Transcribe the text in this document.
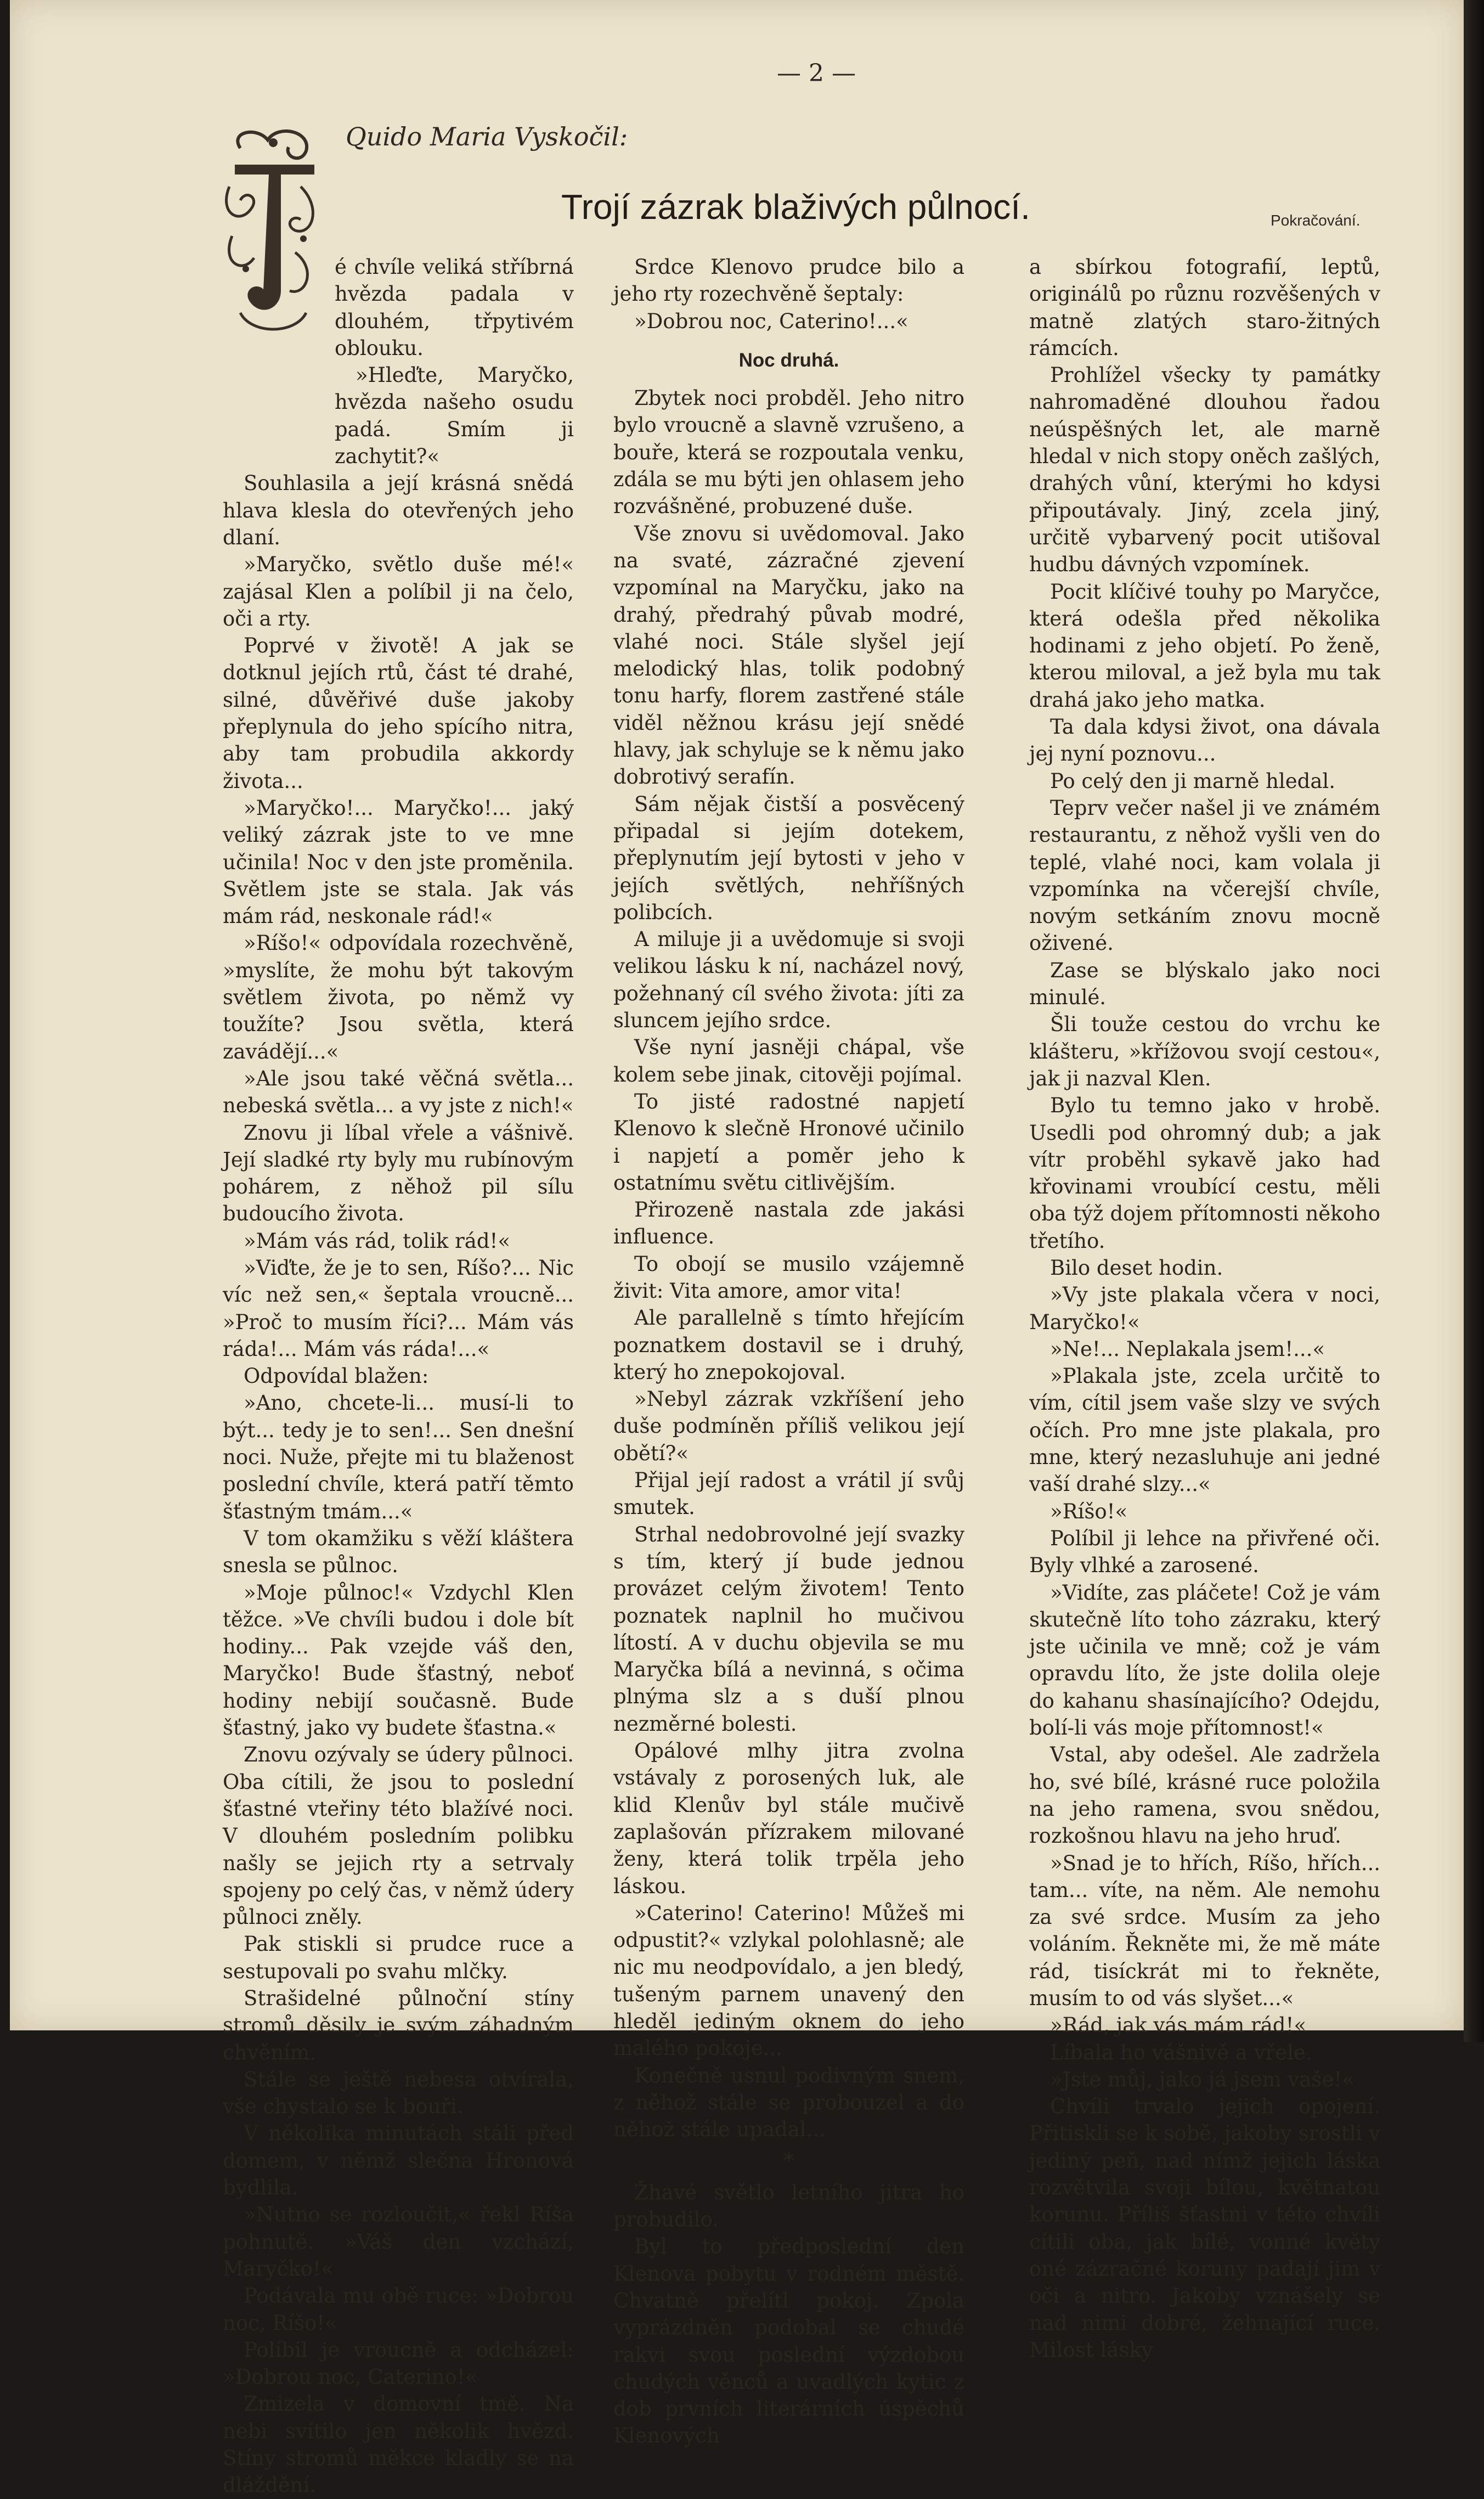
— 2 —
Quido Maria Vyskočil:
Trojí zázrak blaživých půlnocí.	Pokračování.

é chvíle veliká stříbrná hvězda padala v dlouhém, třpytivém oblouku.

»Hleďte, Maryčko, hvězda našeho osudu padá. Smím ji zachytit?«

Souhlasila a její krásná snědá hlava klesla do otevřených jeho dlaní.

»Maryčko, světlo duše mé!« zajásal Klen a políbil ji na čelo, oči a rty.

Poprvé v životě! A jak se dotknul jejích rtů, část té drahé, silné, důvěřivé duše jakoby přeplynula do jeho spícího nitra, aby tam probudila akkordy života...

»Maryčko!... Maryčko!... jaký veliký zázrak jste to ve mne učinila! Noc v den jste proměnila. Světlem jste se stala. Jak vás mám rád, neskonale rád!«

»Ríšo!« odpovídala rozechvěně, »myslíte, že mohu být takovým světlem života, po němž vy toužíte? Jsou světla, která zavádějí...«

»Ale jsou také věčná světla... nebeská světla... a vy jste z nich!«

Znovu ji líbal vřele a vášnivě. Její sladké rty byly mu rubínovým pohárem, z něhož pil sílu budoucího života.

»Mám vás rád, tolik rád!«

»Viďte, že je to sen, Ríšo?... Nic víc než sen,« šeptala vroucně... »Proč to musím říci?... Mám vás ráda!... Mám vás ráda!...«

Odpovídal blažen:

»Ano, chcete-li... musí-li to být... tedy je to sen!... Sen dnešní noci. Nuže, přejte mi tu blaženost poslední chvíle, která patří těmto šťastným tmám...«

V tom okamžiku s věží kláštera snesla se půlnoc.

»Moje půlnoc!« Vzdychl Klen těžce. »Ve chvíli budou i dole bít hodiny... Pak vzejde váš den, Maryčko! Bude šťastný, neboť hodiny nebijí současně. Bude šťastný, jako vy budete šťastna.«

Znovu ozývaly se údery půlnoci. Oba cítili, že jsou to poslední šťastné vteřiny této blažívé noci. V dlouhém posledním polibku našly se jejich rty a setrvaly spojeny po celý čas, v němž údery půlnoci zněly.

Pak stiskli si prudce ruce a sestupovali po svahu mlčky.

Strašidelné půlnoční stíny stromů děsily je svým záhadným chvěním.

Stále se ještě nebesa otvírala, vše chystalo se k bouři.

V několika minutách stáli před domem, v němž slečna Hronová bydlila.

»Nutno se rozloučit,« řekl Ríša pohnutě. »Váš den vzchází, Maryčko!«

Podávala mu obě ruce: »Dobrou noc, Ríšo!«

Políbil je vroucně a odcházel: »Dobrou noc, Caterino!«

Zmizela v domovní tmě. Na nebi svítilo jen několik hvězd. Stíny stromů měkce kladly se na dláždění.

Srdce Klenovo prudce bilo a jeho rty rozechvěně šeptaly:

»Dobrou noc, Caterino!...«

Noc druhá.

Zbytek noci probděl. Jeho nitro bylo vroucně a slavně vzrušeno, a bouře, která se rozpoutala venku, zdála se mu býti jen ohlasem jeho rozvášněné, probuzené duše.

Vše znovu si uvědomoval. Jako na svaté, zázračné zjevení vzpomínal na Maryčku, jako na drahý, předrahý půvab modré, vlahé noci. Stále slyšel její melodický hlas, tolik podobný tonu harfy, florem zastřené stále viděl něžnou krásu její snědé hlavy, jak schyluje se k němu jako dobrotivý serafín.

Sám nějak čistší a posvěcený připadal si jejím dotekem, přeplynutím její bytosti v jeho v jejích světlých, nehříšných polibcích.

A miluje ji a uvědomuje si svoji velikou lásku k ní, nacházel nový, požehnaný cíl svého života: jíti za sluncem jejího srdce.

Vše nyní jasněji chápal, vše kolem sebe jinak, citověji pojímal.

To jisté radostné napjetí Klenovo k slečně Hronové učinilo i napjetí a poměr jeho k ostatnímu světu citlivějším.

Přirozeně nastala zde jakási influence.

To obojí se musilo vzájemně živit: Vita amore, amor vita!

Ale parallelně s tímto hřejícím poznatkem dostavil se i druhý, který ho znepokojoval.

»Nebyl zázrak vzkříšení jeho duše podmíněn příliš velikou její obětí?«

Přijal její radost a vrátil jí svůj smutek.

Strhal nedobrovolné její svazky s tím, který jí bude jednou provázet celým životem! Tento poznatek naplnil ho mučivou lítostí. A v duchu objevila se mu Maryčka bílá a nevinná, s očima plnýma slz a s duší plnou nezměrné bolesti.

Opálové mlhy jitra zvolna vstávaly z porosených luk, ale klid Klenův byl stále mučivě zaplašován přízrakem milované ženy, která tolik trpěla jeho láskou.

»Caterino! Caterino! Můžeš mi odpustit?« vzlykal polohlasně; ale nic mu neodpovídalo, a jen bledý, tušeným parnem unavený den hleděl jediným oknem do jeho malého pokoje...

Konečně usnul podivným snem, z něhož stále se probouzel a do něhož stále upadal...

*

Žhavé světlo letního jitra ho probudilo.

Byl to předposlední den Klenova pobytu v rodném městě. Chvatně přelítl pokoj. Zpola vyprázdněn podobal se chudé rakvi svou poslední výzdobou chudých věnců a uvadlých kytic z dob prvních literárních úspěchů Klenových

a sbírkou fotografií, leptů, originálů po různu rozvěšených v matně zlatých staro-žitných rámcích.

Prohlížel všecky ty památky nahromaděné dlouhou řadou neúspěšných let, ale marně hledal v nich stopy oněch zašlých, drahých vůní, kterými ho kdysi připoutávaly. Jiný, zcela jiný, určitě vybarvený pocit utišoval hudbu dávných vzpomínek.

Pocit klíčivé touhy po Maryčce, která odešla před několika hodinami z jeho objetí. Po ženě, kterou miloval, a jež byla mu tak drahá jako jeho matka.

Ta dala kdysi život, ona dávala jej nyní poznovu...

Po celý den ji marně hledal.

Teprv večer našel ji ve známém restaurantu, z něhož vyšli ven do teplé, vlahé noci, kam volala ji vzpomínka na včerejší chvíle, novým setkáním znovu mocně oživené.

Zase se blýskalo jako noci minulé.

Šli touže cestou do vrchu ke klášteru, »křížovou svojí cestou«, jak ji nazval Klen.

Bylo tu temno jako v hrobě. Usedli pod ohromný dub; a jak vítr proběhl sykavě jako had křovinami vroubící cestu, měli oba týž dojem přítomnosti někoho třetího.

Bilo deset hodin.

»Vy jste plakala včera v noci, Maryčko!«

»Ne!... Neplakala jsem!...«

»Plakala jste, zcela určitě to vím, cítil jsem vaše slzy ve svých očích. Pro mne jste plakala, pro mne, který nezasluhuje ani jedné vaší drahé slzy...«

»Ríšo!«

Políbil ji lehce na přivřené oči. Byly vlhké a zarosené.

»Vidíte, zas pláčete! Což je vám skutečně líto toho zázraku, který jste učinila ve mně; což je vám opravdu líto, že jste dolila oleje do kahanu shasínajícího? Odejdu, bolí-li vás moje přítomnost!«

Vstal, aby odešel. Ale zadržela ho, své bílé, krásné ruce položila na jeho ramena, svou snědou, rozkošnou hlavu na jeho hruď.

»Snad je to hřích, Ríšo, hřích... tam... víte, na něm. Ale nemohu za své srdce. Musím za jeho voláním. Řekněte mi, že mě máte rád, tisíckrát mi to řekněte, musím to od vás slyšet...«

»Rád, jak vás mám rád!«

Líbala ho vášnivě a vřele.

»Jste můj, jako já jsem vaše!«

Chvíli trvalo jejich opojení. Přitiskli se k sobě, jakoby srostli v jediný peň, nad nímž jejich láska rozvětvila svoji bílou, květnatou korunu. Příliš šťastni v této chvíli cítili oba, jak bílé, vonné květy oné zázračné koruny padají jim v oči a nitro. Jakoby vznášely se nad nimi dobré, žehnající ruce. Milost lásky
